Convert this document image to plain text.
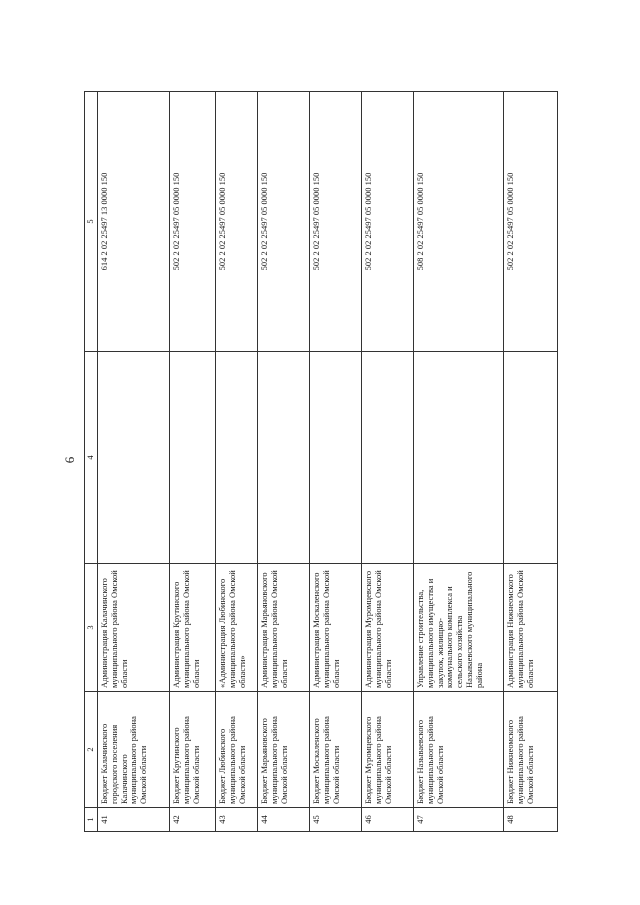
6
1	2	3	4	5
41	Бюджет Калачинского городского поселения Калачинского муниципального района Омской области	Администрация Калачинского муниципального района Омской области		614 2 02 25497 13 0000 150
42	Бюджет Крутинского муниципального района Омской области	Администрация Крутинского муниципального района Омской области		502 2 02 25497 05 0000 150
43	Бюджет Любинского муниципального района Омской области	«Администрация Любинского муниципального района Омской области»		502 2 02 25497 05 0000 150
44	Бюджет Марьяновского муниципального района Омской области	Администрация Марьяновского муниципального района Омской области		502 2 02 25497 05 0000 150
45	Бюджет Москаленского муниципального района Омской области	Администрация Москаленского муниципального района Омской области		502 2 02 25497 05 0000 150
46	Бюджет Муромцевского муниципального района Омской области	Администрация Муромцевского муниципального района Омской области		502 2 02 25497 05 0000 150
47	Бюджет Называевского муниципального района Омской области	Управление строительства, муниципального имущества и закупок, жилищно-коммунального комплекса и сельского хозяйства Называевского муниципального района		508 2 02 25497 05 0000 150
48	Бюджет Нижнеомского муниципального района Омской области	Администрация Нижнеомского муниципального района Омской области		502 2 02 25497 05 0000 150
